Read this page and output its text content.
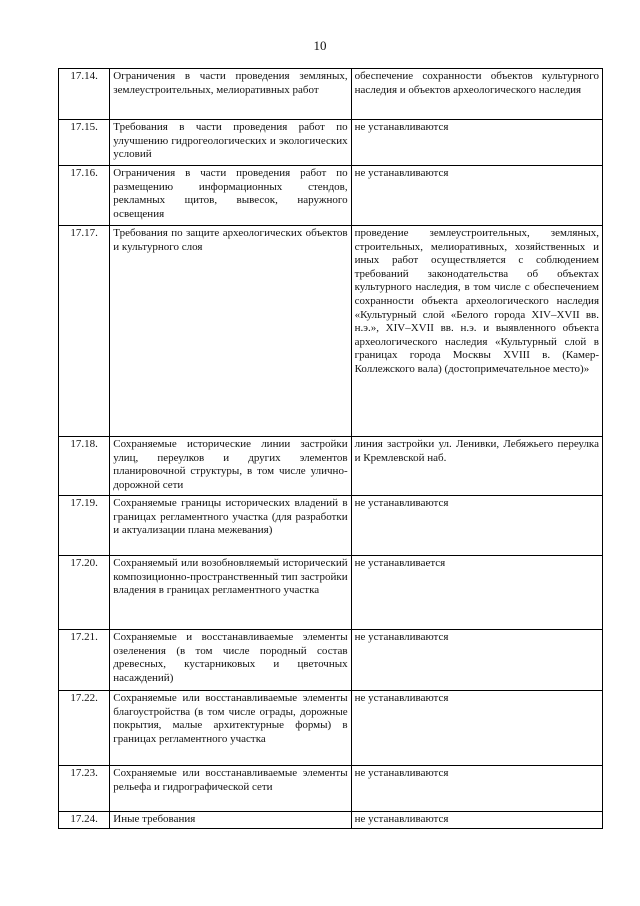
10
17.14.	Ограничения в части проведения земляных, землеустроительных, мелиоративных работ	обеспечение сохранности объектов культурного наследия и объектов археологического наследия
17.15.	Требования в части проведения работ по улучшению гидрогеологических и экологических условий	не устанавливаются
17.16.	Ограничения в части проведения работ по размещению информационных стендов, рекламных щитов, вывесок, наружного освещения	не устанавливаются
17.17.	Требования по защите археологических объектов и культурного слоя	проведение землеустроительных, земляных, строительных, мелиоративных, хозяйственных и иных работ осуществляется с соблюдением требований законодательства об объектах культурного наследия, в том числе с обеспечением сохранности объекта археологического наследия «Культурный слой «Белого города XIV–XVII вв. н.э.», XIV–XVII вв. н.э. и выявленного объекта археологического наследия «Культурный слой в границах города Москвы XVIII в. (Камер-Коллежского вала) (достопримечательное место)»
17.18.	Сохраняемые исторические линии застройки улиц, переулков и других элементов планировочной структуры, в том числе улично-дорожной сети	линия застройки ул. Ленивки, Лебяжьего переулка и Кремлевской наб.
17.19.	Сохраняемые границы исторических владений в границах регламентного участка (для разработки и актуализации плана межевания)	не устанавливаются
17.20.	Сохраняемый или возобновляемый исторический композиционно-пространственный тип застройки владения в границах регламентного участка	не устанавливается
17.21.	Сохраняемые и восстанавливаемые элементы озеленения (в том числе породный состав древесных, кустарниковых и цветочных насаждений)	не устанавливаются
17.22.	Сохраняемые или восстанавливаемые элементы благоустройства (в том числе ограды, дорожные покрытия, малые архитектурные формы) в границах регламентного участка	не устанавливаются
17.23.	Сохраняемые или восстанавливаемые элементы рельефа и гидрографической сети	не устанавливаются
17.24.	Иные требования	не устанавливаются
